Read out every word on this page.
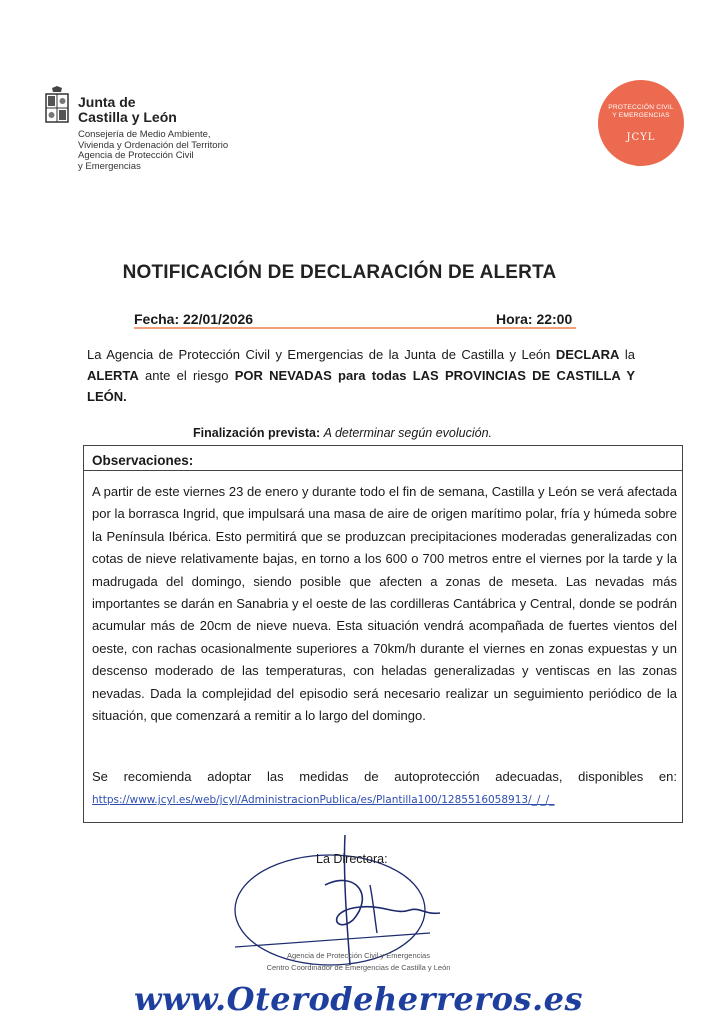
Junta de
Castilla y León
Consejería de Medio Ambiente,
Vivienda y Ordenación del Territorio
Agencia de Protección Civil
y Emergencias
PROTECCIÓN CIVIL
Y EMERGENCIAS
JCYL
NOTIFICACIÓN DE DECLARACIÓN DE ALERTA
Fecha: 22/01/2026	Hora: 22:00
La Agencia de Protección Civil y Emergencias de la Junta de Castilla y León DECLARA la ALERTA ante el riesgo POR NEVADAS para todas LAS PROVINCIAS DE CASTILLA Y LEÓN.
Finalización prevista: A determinar según evolución.
Observaciones:

A partir de este viernes 23 de enero y durante todo el fin de semana, Castilla y León se verá afectada por la borrasca Ingrid, que impulsará una masa de aire de origen marítimo polar, fría y húmeda sobre la Península Ibérica. Esto permitirá que se produzcan precipitaciones moderadas generalizadas con cotas de nieve relativamente bajas, en torno a los 600 o 700 metros entre el viernes por la tarde y la madrugada del domingo, siendo posible que afecten a zonas de meseta. Las nevadas más importantes se darán en Sanabria y el oeste de las cordilleras Cantábrica y Central, donde se podrán acumular más de 20cm de nieve nueva. Esta situación vendrá acompañada de fuertes vientos del oeste, con rachas ocasionalmente superiores a 70km/h durante el viernes en zonas expuestas y un descenso moderado de las temperaturas, con heladas generalizadas y ventiscas en las zonas nevadas. Dada la complejidad del episodio será necesario realizar un seguimiento periódico de la situación, que comenzará a remitir a lo largo del domingo.

Se recomienda adoptar las medidas de autoprotección adecuadas, disponibles en:
https://www.jcyl.es/web/jcyl/AdministracionPublica/es/Plantilla100/1285516058913/_/_/_
La Directora:
Agencia de Protección Civil y Emergencias
Centro Coordinador de Emergencias de Castilla y León
www.Oterodeherreros.es
